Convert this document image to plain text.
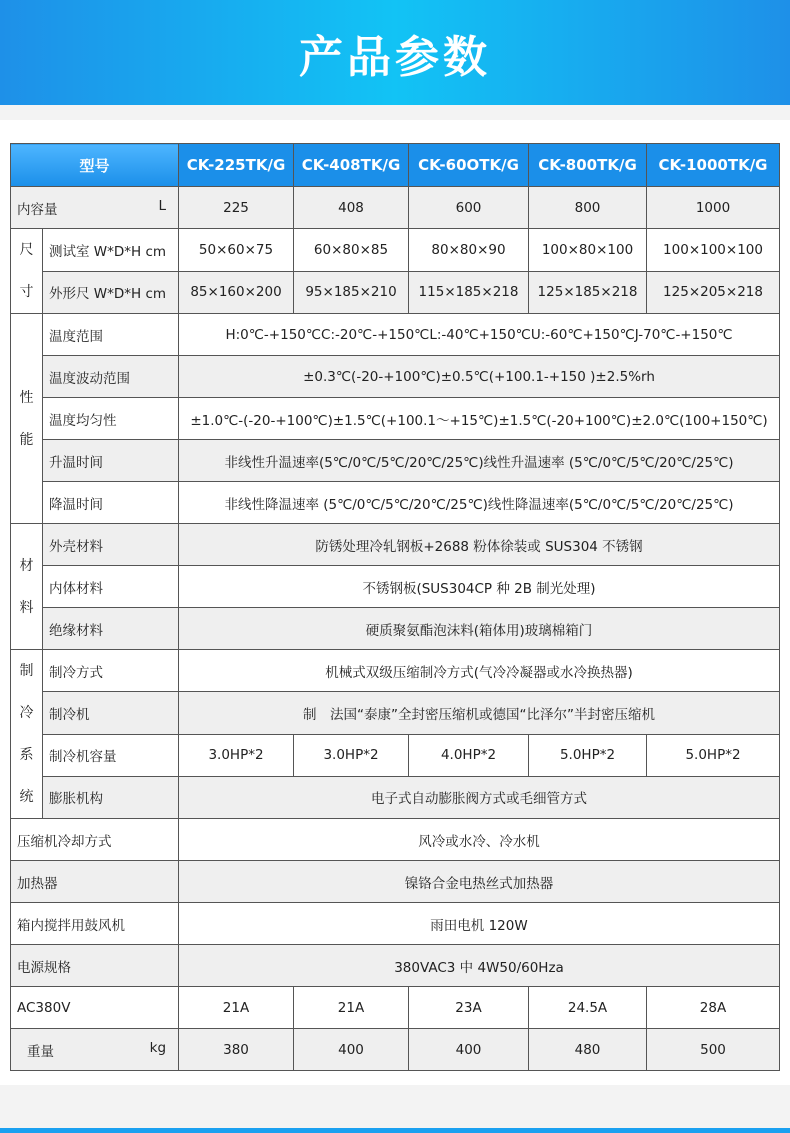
产品参数
型号		CK-225TK/G	CK-408TK/G	CK-60OTK/G	CK-800TK/G	CK-1000TK/G

内容量 L		225	408	600	800	1000

尺
寸	测试室 W*D*H cm	50×60×75	60×80×85	80×80×90	100×80×100	100×100×100
	外形尺 W*D*H cm	85×160×200	95×185×210	115×185×218	125×185×218	125×205×218

性
能	温度范围	H:0℃-+150℃C:-20℃-+150℃L:-40℃+150℃U:-60℃+150℃J-70℃-+150℃				
	温度波动范围	±0.3℃(-20-+100℃)±0.5℃(+100.1-+150 )±2.5%rh				
	温度均匀性	±1.0℃-(-20-+100℃)±1.5℃(+100.1～+15℃)±1.5℃(-20+100℃)±2.0℃(100+150℃)				
	升温时间	非线性升温速率(5℃/0℃/5℃/20℃/25℃)线性升温速率 (5℃/0℃/5℃/20℃/25℃)				
	降温时间	非线性降温速率 (5℃/0℃/5℃/20℃/25℃)线性降温速率(5℃/0℃/5℃/20℃/25℃)				

材
料	外壳材料	防锈处理冷轧钢板+2688 粉体徐装或 SUS304 不锈钢				
	内体材料	不锈钢板(SUS304CP 种 2B 制光处理)				
	绝缘材料	硬质聚氨酯泡沫料(箱体用)玻璃棉箱门				

制
冷
系
统	制冷方式	机械式双级压缩制冷方式(气冷冷凝器或水冷换热器)				
	制冷机	制　法国“泰康”全封密压缩机或德国“比泽尔”半封密压缩机				
	制冷机容量	3.0HP*2	3.0HP*2	4.0HP*2	5.0HP*2	5.0HP*2
	膨胀机构	电子式自动膨胀阀方式或毛细管方式				
压缩机冷却方式		风冷或水冷、冷水机				
加热器		镍铬合金电热丝式加热器				
箱内搅拌用鼓风机		雨田电机 120W				
电源规格		380VAC3 中 4W50/60Hza				
AC380V		21A	21A	23A	24.5A	28A

重量 kg		380	400	400	480	500
